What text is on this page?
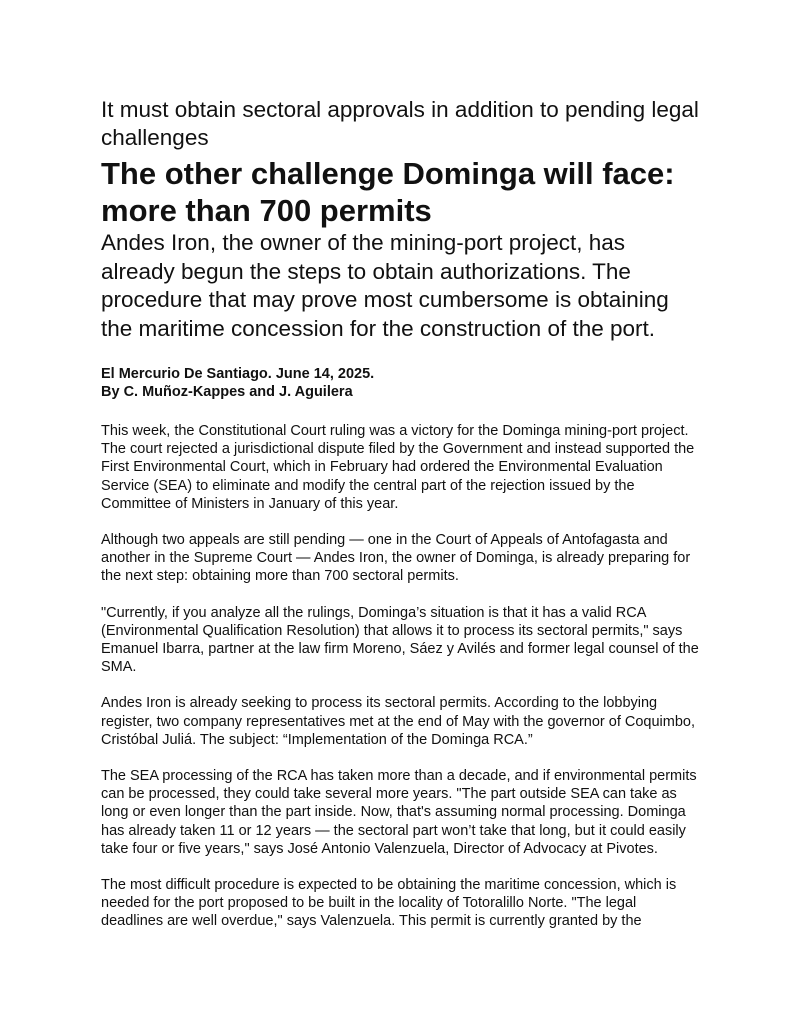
It must obtain sectoral approvals in addition to pending legal challenges
The other challenge Dominga will face: more than 700 permits

Andes Iron, the owner of the mining-port project, has already begun the steps to obtain authorizations. The procedure that may prove most cumbersome is obtaining the maritime concession for the construction of the port.

El Mercurio De Santiago. June 14, 2025.
By C. Muñoz-Kappes and J. Aguilera

This week, the Constitutional Court ruling was a victory for the Dominga mining-port project. The court rejected a jurisdictional dispute filed by the Government and instead supported the First Environmental Court, which in February had ordered the Environmental Evaluation Service (SEA) to eliminate and modify the central part of the rejection issued by the Committee of Ministers in January of this year.

Although two appeals are still pending — one in the Court of Appeals of Antofagasta and another in the Supreme Court — Andes Iron, the owner of Dominga, is already preparing for the next step: obtaining more than 700 sectoral permits.

"Currently, if you analyze all the rulings, Dominga’s situation is that it has a valid RCA (Environmental Qualification Resolution) that allows it to process its sectoral permits," says Emanuel Ibarra, partner at the law firm Moreno, Sáez y Avilés and former legal counsel of the SMA.

Andes Iron is already seeking to process its sectoral permits. According to the lobbying register, two company representatives met at the end of May with the governor of Coquimbo, Cristóbal Juliá. The subject: “Implementation of the Dominga RCA.”

The SEA processing of the RCA has taken more than a decade, and if environmental permits can be processed, they could take several more years. "The part outside SEA can take as long or even longer than the part inside. Now, that's assuming normal processing. Dominga has already taken 11 or 12 years — the sectoral part won’t take that long, but it could easily take four or five years," says José Antonio Valenzuela, Director of Advocacy at Pivotes.

The most difficult procedure is expected to be obtaining the maritime concession, which is needed for the port proposed to be built in the locality of Totoralillo Norte. "The legal deadlines are well overdue," says Valenzuela. This permit is currently granted by the
